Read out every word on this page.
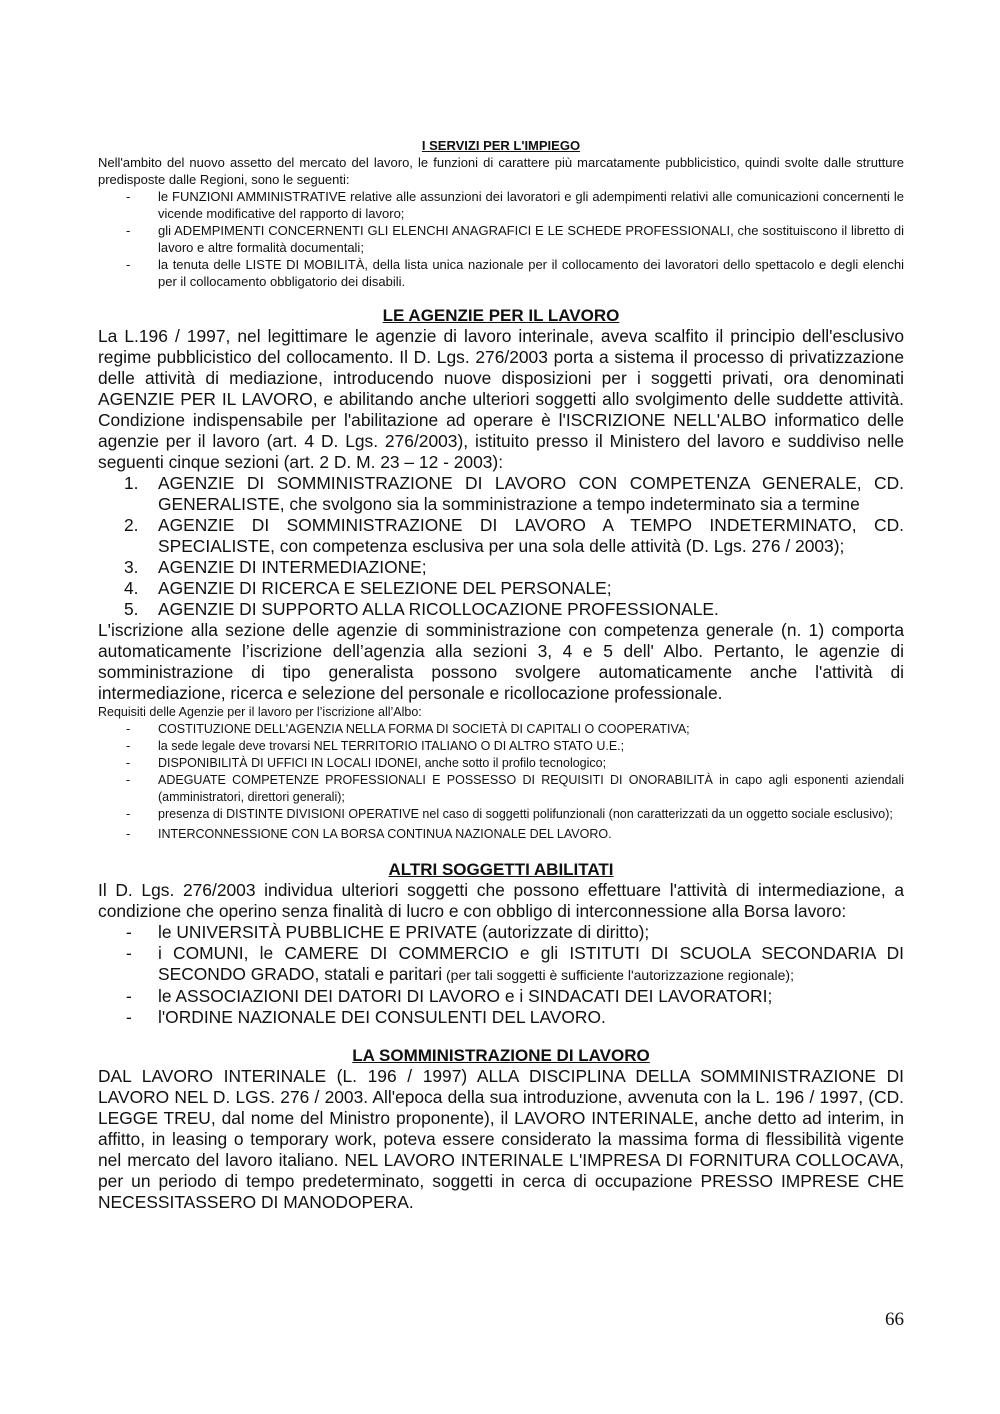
I SERVIZI PER L'IMPIEGO

Nell'ambito del nuovo assetto del mercato del lavoro, le funzioni di carattere più marcatamente pubblicistico, quindi svolte dalle strutture predisposte dalle Regioni, sono le seguenti:

- le FUNZIONI AMMINISTRATIVE relative alle assunzioni dei lavoratori e gli adempimenti relativi alle comunicazioni concernenti le vicende modificative del rapporto di lavoro;
- gli ADEMPIMENTI CONCERNENTI GLI ELENCHI ANAGRAFICI E LE SCHEDE PROFESSIONALI, che sostituiscono il libretto di lavoro e altre formalità documentali;
- la tenuta delle LISTE DI MOBILITÀ, della lista unica nazionale per il collocamento dei lavoratori dello spettacolo e degli elenchi per il collocamento obbligatorio dei disabili.
LE AGENZIE PER IL LAVORO

La L.196 / 1997, nel legittimare le agenzie di lavoro interinale, aveva scalfito il principio dell'esclusivo regime pubblicistico del collocamento. Il D. Lgs. 276/2003 porta a sistema il processo di privatizzazione delle attività di mediazione, introducendo nuove disposizioni per i soggetti privati, ora denominati AGENZIE PER IL LAVORO, e abilitando anche ulteriori soggetti allo svolgimento delle suddette attività. Condizione indispensabile per l'abilitazione ad operare è l'ISCRIZIONE NELL'ALBO informatico delle agenzie per il lavoro (art. 4 D. Lgs. 276/2003), istituito presso il Ministero del lavoro e suddiviso nelle seguenti cinque sezioni (art. 2 D. M. 23 – 12 - 2003):

1. AGENZIE DI SOMMINISTRAZIONE DI LAVORO CON COMPETENZA GENERALE, CD. GENERALISTE, che svolgono sia la somministrazione a tempo indeterminato sia a termine
2. AGENZIE DI SOMMINISTRAZIONE DI LAVORO A TEMPO INDETERMINATO, CD. SPECIALISTE, con competenza esclusiva per una sola delle attività (D. Lgs. 276 / 2003);
3. AGENZIE DI INTERMEDIAZIONE;
4. AGENZIE DI RICERCA E SELEZIONE DEL PERSONALE;
5. AGENZIE DI SUPPORTO ALLA RICOLLOCAZIONE PROFESSIONALE.

L'iscrizione alla sezione delle agenzie di somministrazione con competenza generale (n. 1) comporta automaticamente l’iscrizione dell’agenzia alla sezioni 3, 4 e 5 dell' Albo. Pertanto, le agenzie di somministrazione di tipo generalista possono svolgere automaticamente anche l'attività di intermediazione, ricerca e selezione del personale e ricollocazione professionale.

Requisiti delle Agenzie per il lavoro per l’iscrizione all’Albo:

- COSTITUZIONE DELL'AGENZIA NELLA FORMA DI SOCIETÀ DI CAPITALI O COOPERATIVA;
- la sede legale deve trovarsi NEL TERRITORIO ITALIANO O DI ALTRO STATO U.E.;
- DISPONIBILITÀ DI UFFICI IN LOCALI IDONEI, anche sotto il profilo tecnologico;
- ADEGUATE COMPETENZE PROFESSIONALI E POSSESSO DI REQUISITI DI ONORABILITÀ in capo agli esponenti aziendali (amministratori, direttori generali);
- presenza di DISTINTE DIVISIONI OPERATIVE nel caso di soggetti polifunzionali (non caratterizzati da un oggetto sociale esclusivo);
- INTERCONNESSIONE CON LA BORSA CONTINUA NAZIONALE DEL LAVORO.
ALTRI SOGGETTI ABILITATI

Il D. Lgs. 276/2003 individua ulteriori soggetti che possono effettuare l'attività di intermediazione, a condizione che operino senza finalità di lucro e con obbligo di interconnessione alla Borsa lavoro:

- le UNIVERSITÀ PUBBLICHE E PRIVATE (autorizzate di diritto);
- i COMUNI, le CAMERE DI COMMERCIO e gli ISTITUTI DI SCUOLA SECONDARIA DI SECONDO GRADO, statali e paritari (per tali soggetti è sufficiente l'autorizzazione regionale);
- le ASSOCIAZIONI DEI DATORI DI LAVORO e i SINDACATI DEI LAVORATORI;
- l'ORDINE NAZIONALE DEI CONSULENTI DEL LAVORO.
LA SOMMINISTRAZIONE DI LAVORO

DAL LAVORO INTERINALE (L. 196 / 1997) ALLA DISCIPLINA DELLA SOMMINISTRAZIONE DI LAVORO NEL D. LGS. 276 / 2003. All'epoca della sua introduzione, avvenuta con la L. 196 / 1997, (CD. LEGGE TREU, dal nome del Ministro proponente), il LAVORO INTERINALE, anche detto ad interim, in affitto, in leasing o temporary work, poteva essere considerato la massima forma di flessibilità vigente nel mercato del lavoro italiano. NEL LAVORO INTERINALE L'IMPRESA DI FORNITURA COLLOCAVA, per un periodo di tempo predeterminato, soggetti in cerca di occupazione PRESSO IMPRESE CHE NECESSITASSERO DI MANODOPERA.

66
